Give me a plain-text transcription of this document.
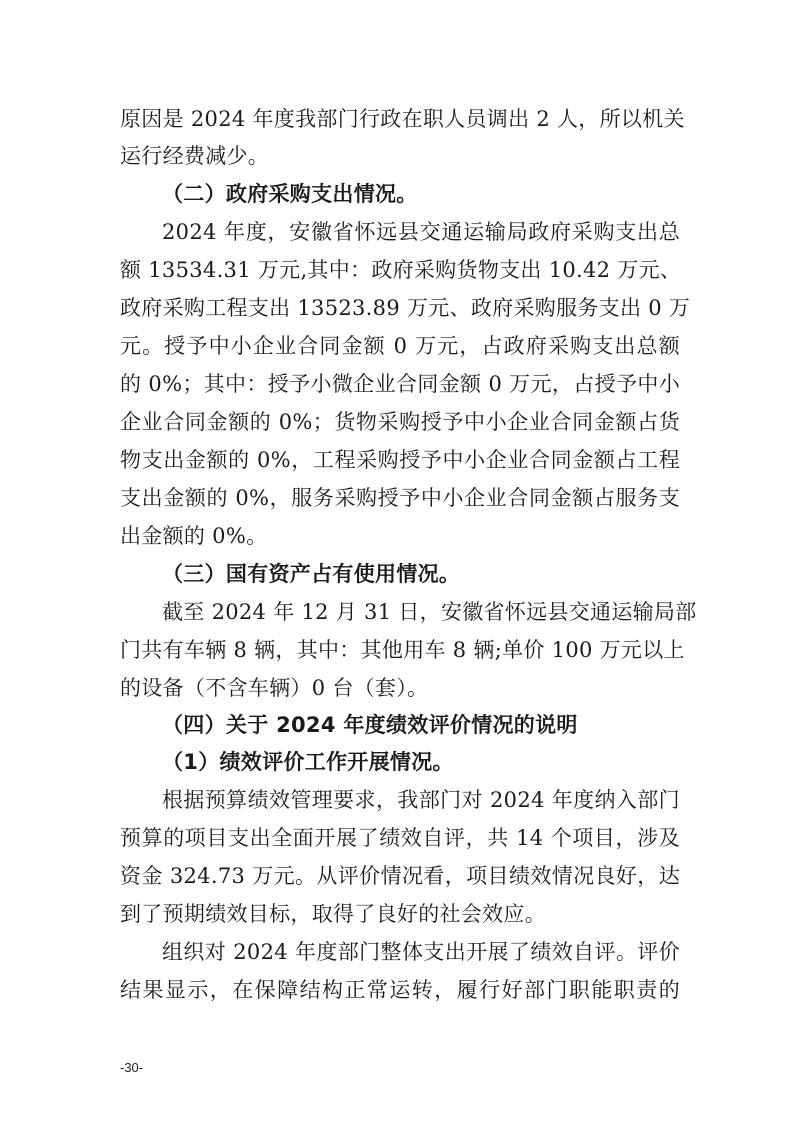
原因是 2024 年度我部门行政在职人员调出 2 人，所以机关
运行经费减少。
（二）政府采购支出情况。
2024 年度，安徽省怀远县交通运输局政府采购支出总
额 13534.31 万元,其中：政府采购货物支出 10.42 万元、
政府采购工程支出 13523.89 万元、政府采购服务支出 0 万
元。授予中小企业合同金额 0 万元，占政府采购支出总额
的 0%；其中：授予小微企业合同金额 0 万元，占授予中小
企业合同金额的 0%；货物采购授予中小企业合同金额占货
物支出金额的 0%，工程采购授予中小企业合同金额占工程
支出金额的 0%，服务采购授予中小企业合同金额占服务支
出金额的 0%。
（三）国有资产占有使用情况。
截至 2024 年 12 月 31 日，安徽省怀远县交通运输局部
门共有车辆 8 辆，其中：其他用车 8 辆;单价 100 万元以上
的设备（不含车辆）0 台（套）。
（四）关于 2024 年度绩效评价情况的说明
（1）绩效评价工作开展情况。
根据预算绩效管理要求，我部门对 2024 年度纳入部门
预算的项目支出全面开展了绩效自评，共 14 个项目，涉及
资金 324.73 万元。从评价情况看，项目绩效情况良好，达
到了预期绩效目标，取得了良好的社会效应。
组织对 2024 年度部门整体支出开展了绩效自评。评价
结果显示，在保障结构正常运转，履行好部门职能职责的
-30-
